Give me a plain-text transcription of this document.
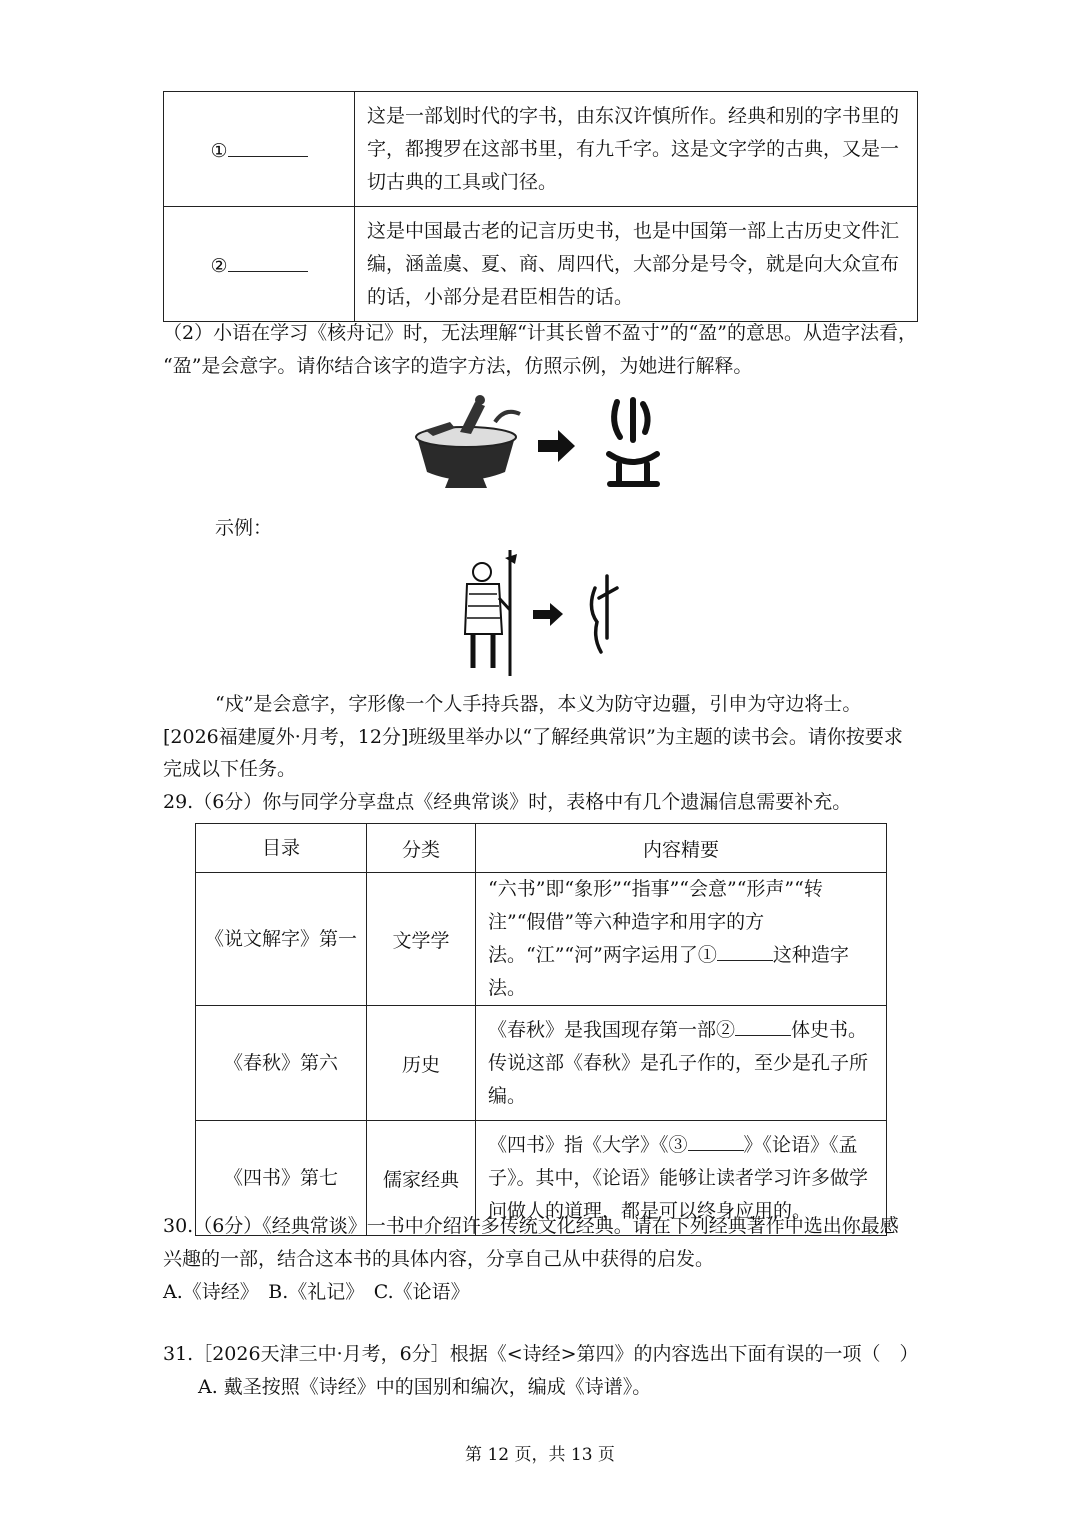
①	这是一部划时代的字书，由东汉许慎所作。经典和别的字书里的字，都搜罗在这部书里，有九千字。这是文字学的古典，又是一切古典的工具或门径。
②	这是中国最古老的记言历史书，也是中国第一部上古历史文件汇编，涵盖虞、夏、商、周四代，大部分是号令，就是向大众宣布的话，小部分是君臣相告的话。
（2）小语在学习《核舟记》时，无法理解“计其长曾不盈寸”的“盈”的意思。从造字法看，
“盈”是会意字。请你结合该字的造字方法，仿照示例，为她进行解释。
示例：
“戍”是会意字，字形像一个人手持兵器，本义为防守边疆，引申为守边将士。
[2026福建厦外·月考，12分]班级里举办以“了解经典常识”为主题的读书会。请你按要求
完成以下任务。
29.（6分）你与同学分享盘点《经典常谈》时，表格中有几个遗漏信息需要补充。
目录	分类	内容精要
《说文解字》第一	文学学	“六书”即“象形”“指事”“会意”“形声”“转注”“假借”等六种造字和用字的方法。“江”“河”两字运用了① 这种造字法。
《春秋》第六	历史	《春秋》是我国现存第一部② 体史书。传说这部《春秋》是孔子作的，至少是孔子所编。
《四书》第七	儒家经典	《四书》指《大学》《③ 》《论语》《孟子》。其中，《论语》能够让读者学习许多做学问做人的道理，都是可以终身应用的。
30.（6分）《经典常谈》一书中介绍许多传统文化经典。请在下列经典著作中选出你最感
兴趣的一部，结合这本书的具体内容，分享自己从中获得的启发。
A.《诗经》　B.《礼记》　C.《论语》
31.［2026天津三中·月考，6分］根据《<诗经>第四》的内容选出下面有误的一项（　）
A. 戴圣按照《诗经》中的国别和编次，编成《诗谱》。
第 12 页，共 13 页
